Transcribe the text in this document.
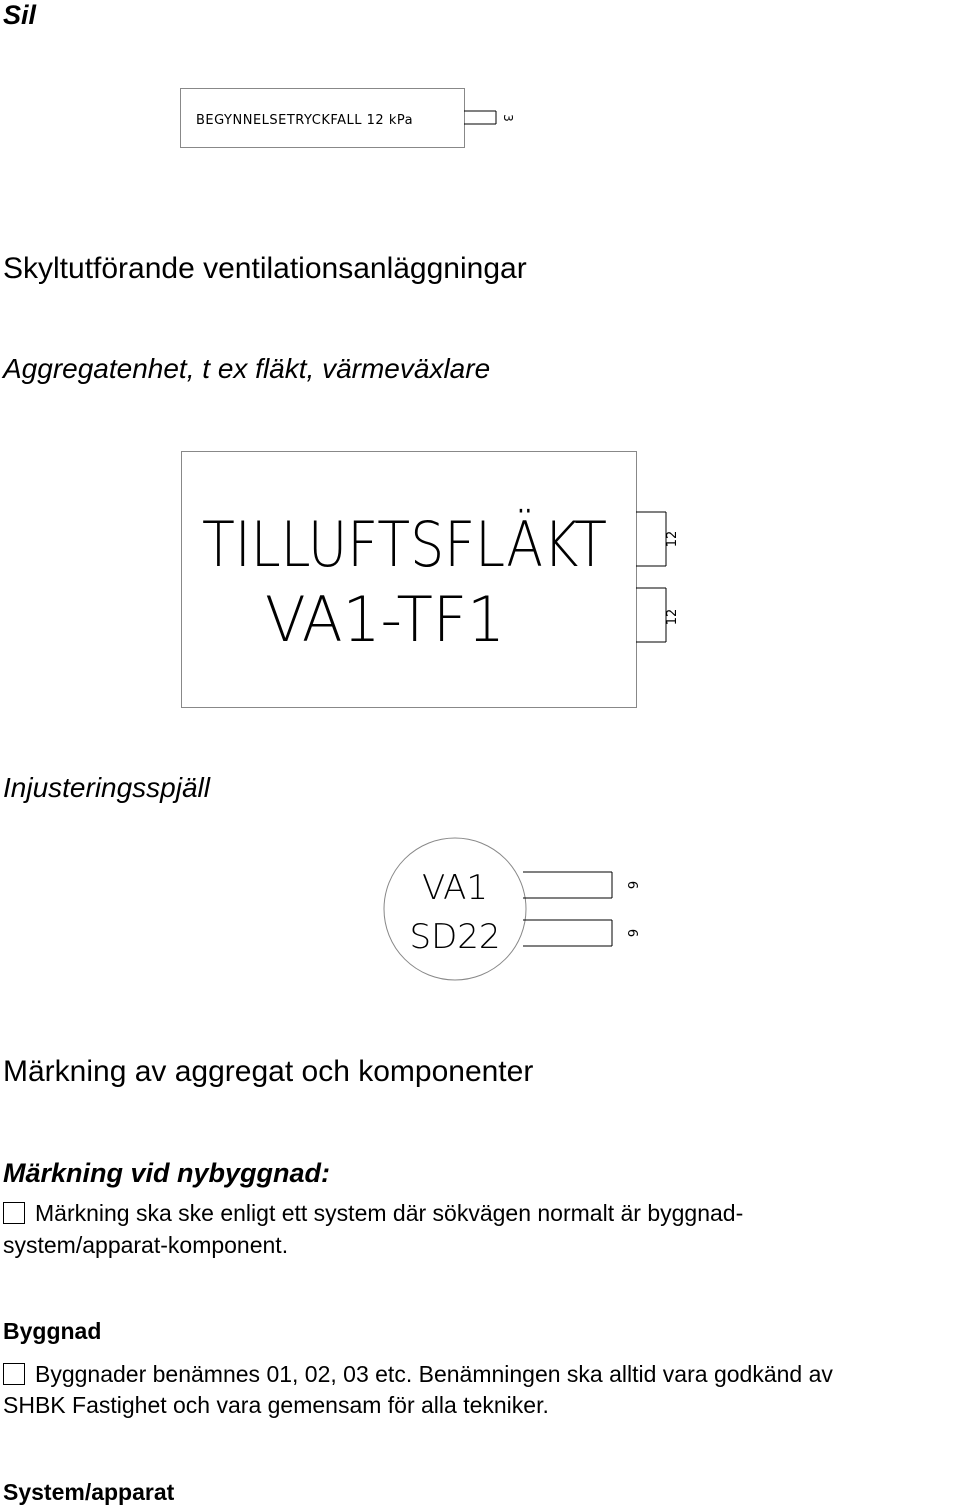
Sil
BEGYNNELSETRYCKFALL 12 kPa	3
Skyltutförande ventilationsanläggningar
Aggregatenhet, t ex fläkt, värmeväxlare
TILLUFTSFLÄKT
VA1-TF1
12
12
Injusteringsspjäll
VA1
SD22
6
6
Märkning av aggregat och komponenter
Märkning vid nybyggnad:
Märkning ska ske enligt ett system där sökvägen normalt är byggnad-
system/apparat-komponent.
Byggnad
Byggnader benämnes 01, 02, 03 etc. Benämningen ska alltid vara godkänd av
SHBK Fastighet och vara gemensam för alla tekniker.
System/apparat
